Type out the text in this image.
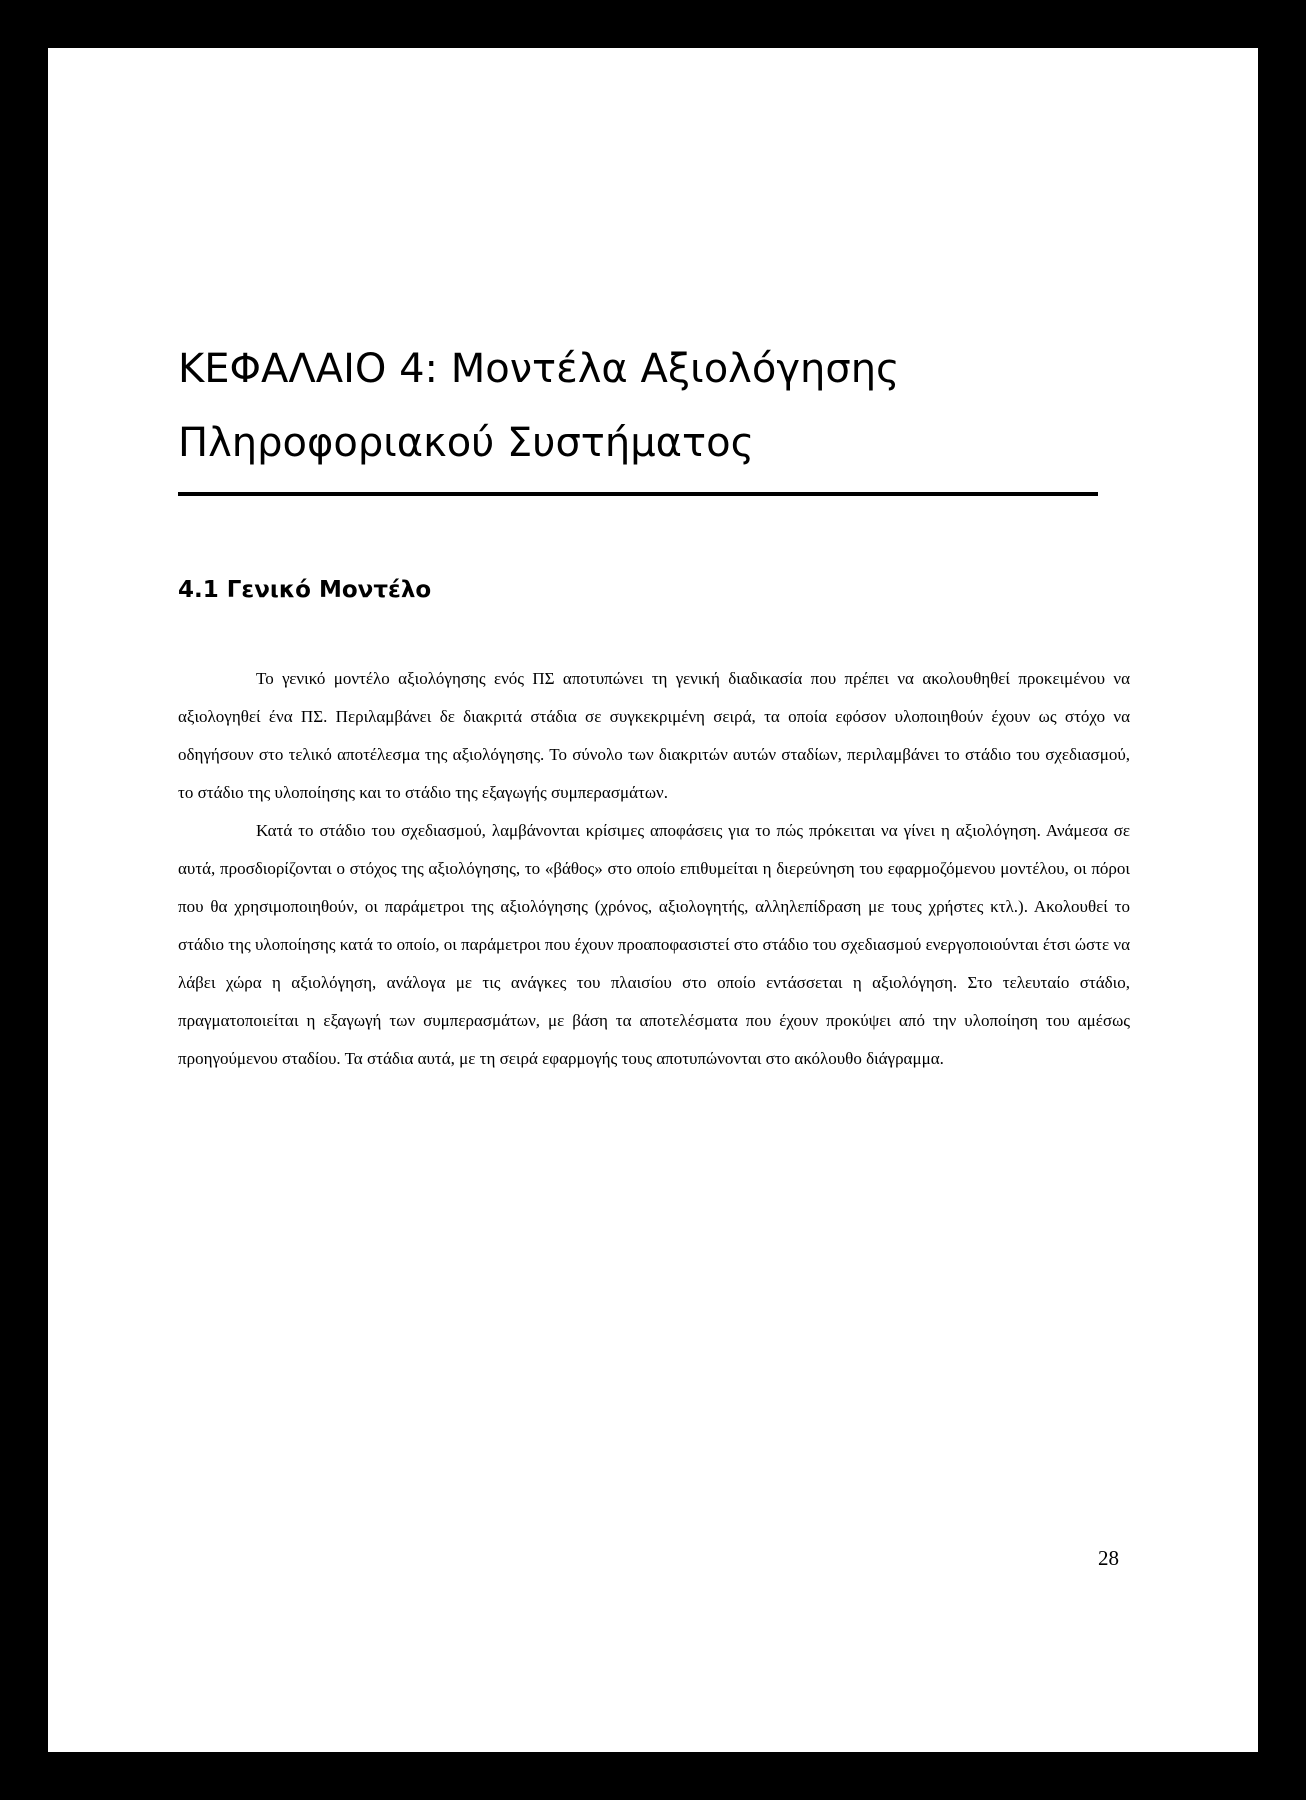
ΚΕΦΑΛΑΙΟ 4: Μοντέλα Αξιολόγησης
Πληροφοριακού Συστήματος
4.1 Γενικό Μοντέλο

Το γενικό μοντέλο αξιολόγησης ενός ΠΣ αποτυπώνει τη γενική διαδικασία που πρέπει να ακολουθηθεί προκειμένου να αξιολογηθεί ένα ΠΣ. Περιλαμβάνει δε διακριτά στάδια σε συγκεκριμένη σειρά, τα οποία εφόσον υλοποιηθούν έχουν ως στόχο να οδηγήσουν στο τελικό αποτέλεσμα της αξιολόγησης. Το σύνολο των διακριτών αυτών σταδίων, περιλαμβάνει το στάδιο του σχεδιασμού, το στάδιο της υλοποίησης και το στάδιο της εξαγωγής συμπερασμάτων.

Κατά το στάδιο του σχεδιασμού, λαμβάνονται κρίσιμες αποφάσεις για το πώς πρόκειται να γίνει η αξιολόγηση. Ανάμεσα σε αυτά, προσδιορίζονται ο στόχος της αξιολόγησης, το «βάθος» στο οποίο επιθυμείται η διερεύνηση του εφαρμοζόμενου μοντέλου, οι πόροι που θα χρησιμοποιηθούν, οι παράμετροι της αξιολόγησης (χρόνος, αξιολογητής, αλληλεπίδραση με τους χρήστες κτλ.). Ακολουθεί το στάδιο της υλοποίησης κατά το οποίο, οι παράμετροι που έχουν προαποφασιστεί στο στάδιο του σχεδιασμού ενεργοποιούνται έτσι ώστε να λάβει χώρα η αξιολόγηση, ανάλογα με τις ανάγκες του πλαισίου στο οποίο εντάσσεται η αξιολόγηση. Στο τελευταίο στάδιο, πραγματοποιείται η εξαγωγή των συμπερασμάτων, με βάση τα αποτελέσματα που έχουν προκύψει από την υλοποίηση του αμέσως προηγούμενου σταδίου. Τα στάδια αυτά, με τη σειρά εφαρμογής τους αποτυπώνονται στο ακόλουθο διάγραμμα.

28
